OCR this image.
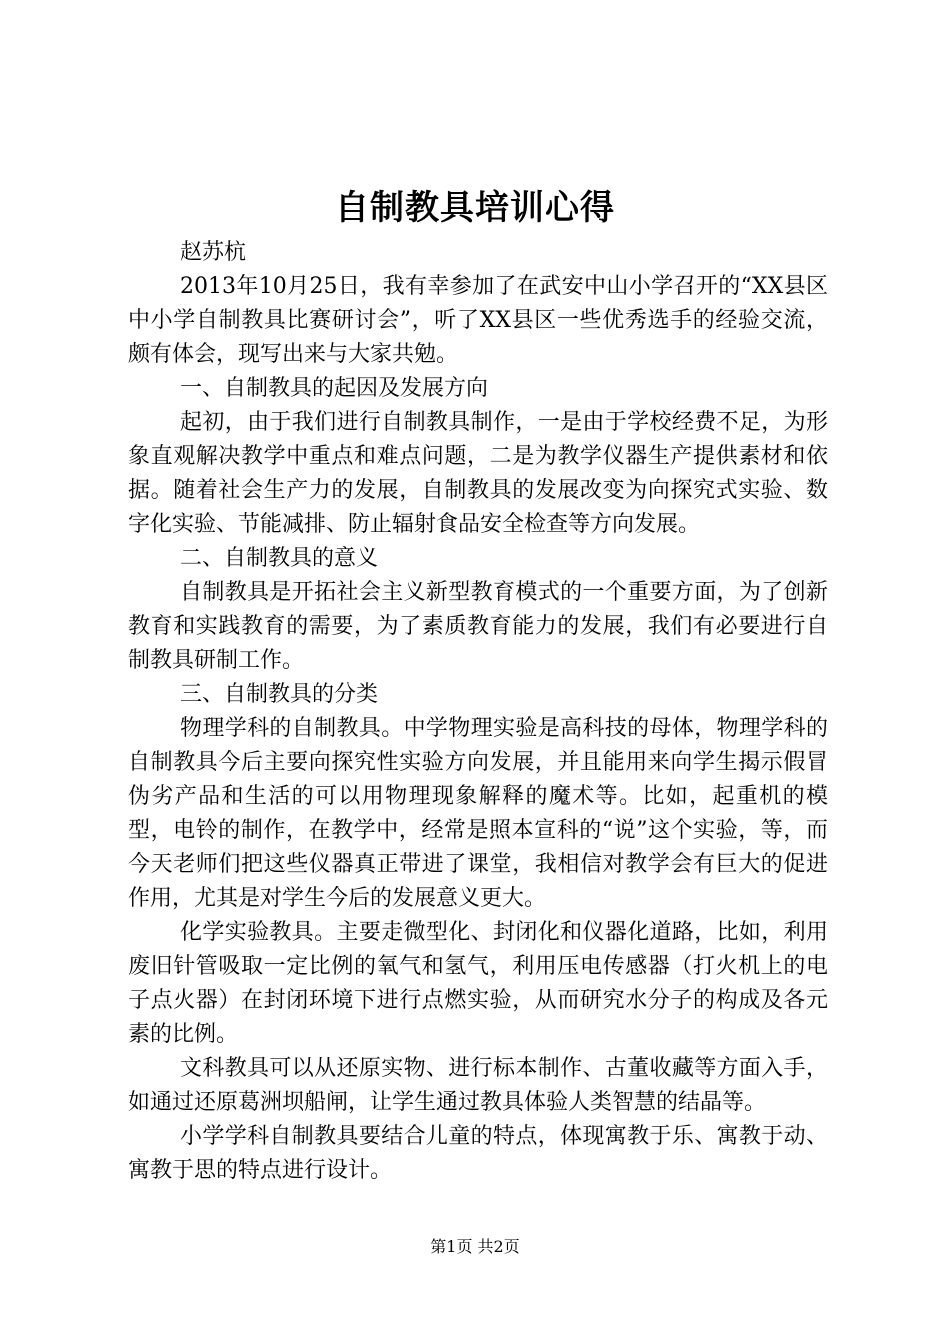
自制教具培训心得

赵苏杭

2013年10月25日，我有幸参加了在武安中山小学召开的“XX县区中小学自制教具比赛研讨会”，听了XX县区一些优秀选手的经验交流，颇有体会，现写出来与大家共勉。

一、自制教具的起因及发展方向

起初，由于我们进行自制教具制作，一是由于学校经费不足，为形象直观解决教学中重点和难点问题，二是为教学仪器生产提供素材和依据。随着社会生产力的发展，自制教具的发展改变为向探究式实验、数字化实验、节能减排、防止辐射食品安全检查等方向发展。

二、自制教具的意义

自制教具是开拓社会主义新型教育模式的一个重要方面，为了创新教育和实践教育的需要，为了素质教育能力的发展，我们有必要进行自制教具研制工作。

三、自制教具的分类

物理学科的自制教具。中学物理实验是高科技的母体，物理学科的自制教具今后主要向探究性实验方向发展，并且能用来向学生揭示假冒伪劣产品和生活的可以用物理现象解释的魔术等。比如，起重机的模型，电铃的制作，在教学中，经常是照本宣科的“说”这个实验，等，而今天老师们把这些仪器真正带进了课堂，我相信对教学会有巨大的促进作用，尤其是对学生今后的发展意义更大。

化学实验教具。主要走微型化、封闭化和仪器化道路，比如，利用废旧针管吸取一定比例的氧气和氢气，利用压电传感器（打火机上的电子点火器）在封闭环境下进行点燃实验，从而研究水分子的构成及各元素的比例。

文科教具可以从还原实物、进行标本制作、古董收藏等方面入手，如通过还原葛洲坝船闸，让学生通过教具体验人类智慧的结晶等。

小学学科自制教具要结合儿童的特点，体现寓教于乐、寓教于动、寓教于思的特点进行设计。

第1页 共2页
